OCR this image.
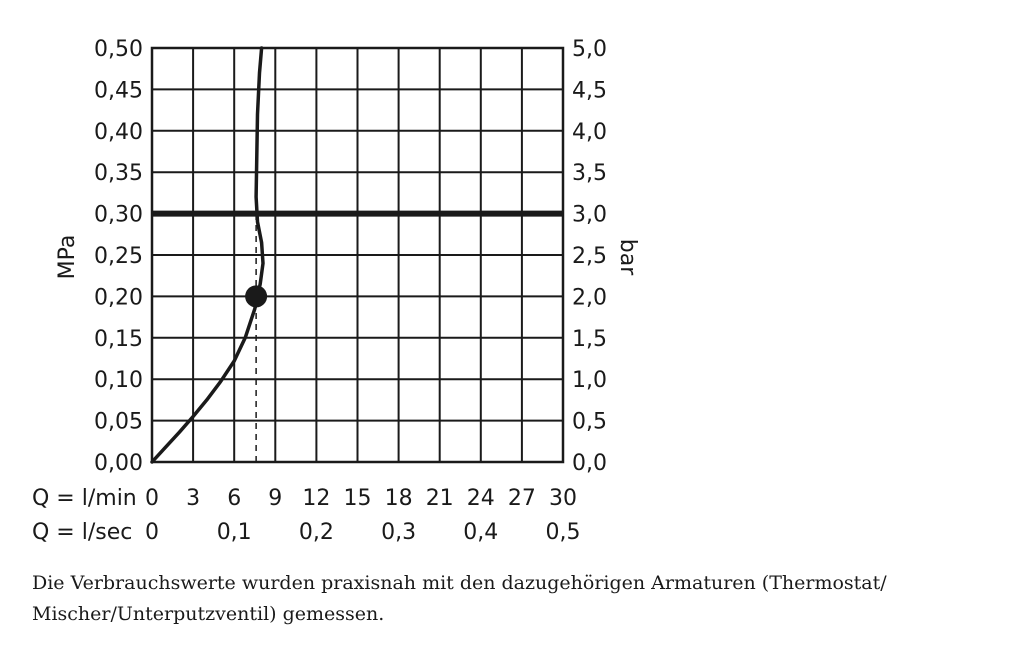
0,00
0,05
0,10
0,15
0,20
0,25
0,30
0,35
0,40
0,45
0,50
0,0
0,5
1,0
1,5
2,0
2,5
3,0
3,5
4,0
4,5
5,0
0 3 6 9 12 15 18 21 24 27 30
0	0,1 0,2 0,3 0,4 0,5
MPa	bar
Q = l/min
Q = l/sec
Die Verbrauchswerte wurden praxisnah mit den dazugehörigen Armaturen (Thermostat/ Mischer/Unterputzventil) gemessen.
